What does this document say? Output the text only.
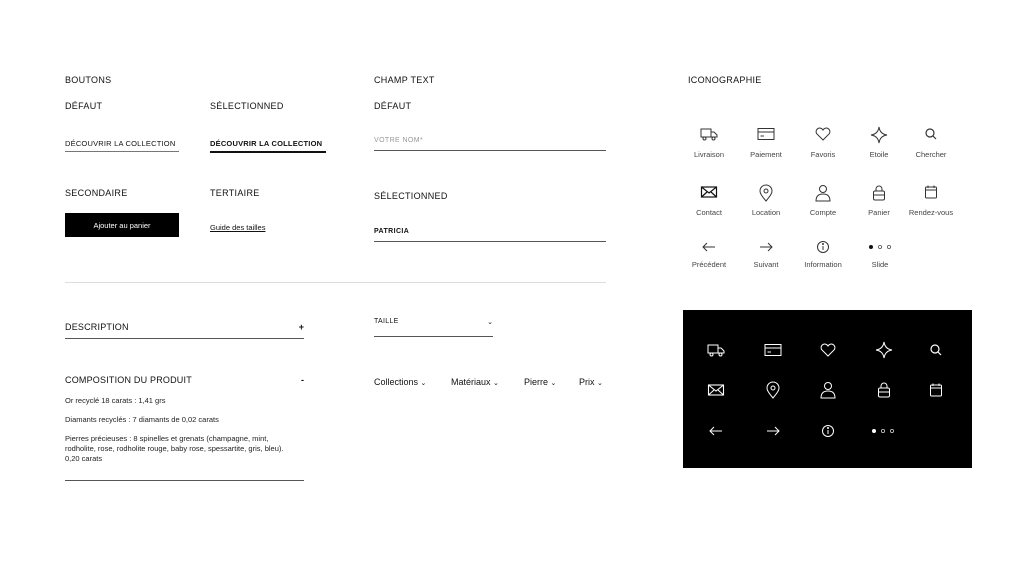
BOUTONS
DÉFAUT	SÉLECTIONNED
DÉCOUVRIR LA COLLECTION	DÉCOUVRIR LA COLLECTION
SECONDAIRE	TERTIAIRE
Ajouter au panier	Guide des tailles
CHAMP TEXT
DÉFAUT
VOTRE NOM*
SÉLECTIONNED
PATRICIA
DESCRIPTION	+
COMPOSITION DU PRODUIT	-
Or recyclé 18 carats : 1,41 grs
Diamants recyclés : 7 diamants de 0,02 carats
Pierres précieuses : 8 spinelles et grenats (champagne, mint, rodholite, rose, rodholite rouge, baby rose, spessartite, gris, bleu). 0,20 carats
TAILLE	⌄
Collections ⌄	Matériaux ⌄	Pierre ⌄	Prix ⌄
ICONOGRAPHIE
Livraison	Paiement	Favoris	Etoile	Chercher
Contact	Location	Compte	Panier	Rendez-vous
Précédent	Suivant	Information	Slide
